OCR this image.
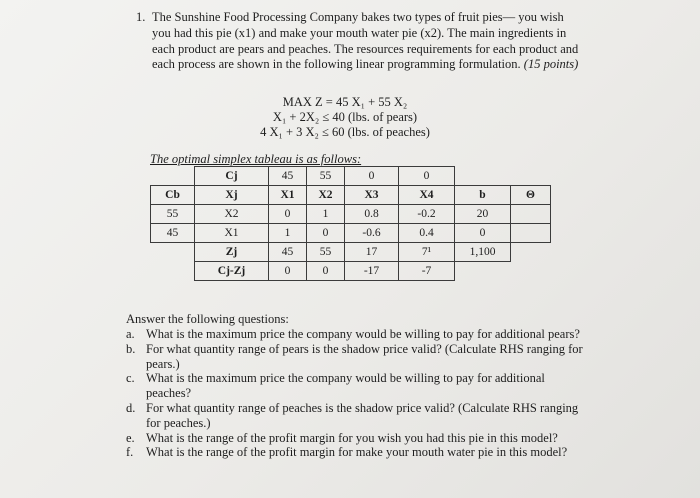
1. The Sunshine Food Processing Company bakes two types of fruit pies— you wish you had this pie (x1) and make your mouth water pie (x2). The main ingredients in each product are pears and peaches. The resources requirements for each product and each process are shown in the following linear programming formulation. (15 points)
MAX Z = 45 X₁ + 55 X₂
X₁ + 2X₂ ≤ 40 (lbs. of pears)
4 X₁ + 3 X₂ ≤ 60 (lbs. of peaches)
The optimal simplex tableau is as follows:
	Cj	45	55	0	0		
Cb	Xj	X1	X2	X3	X4	b	Θ
55	X2	0	1	0.8	-0.2	20	
45	X1	1	0	-0.6	0.4	0	
	Zj	45	55	17	7¹	1,100	
	Cj-Zj	0	0	-17	-7		
Answer the following questions:
a. What is the maximum price the company would be willing to pay for additional pears?
b. For what quantity range of pears is the shadow price valid? (Calculate RHS ranging for pears.)
c. What is the maximum price the company would be willing to pay for additional peaches?
d. For what quantity range of peaches is the shadow price valid? (Calculate RHS ranging for peaches.)
e. What is the range of the profit margin for you wish you had this pie in this model?
f.	What is the range of the profit margin for make your mouth water pie in this model?
